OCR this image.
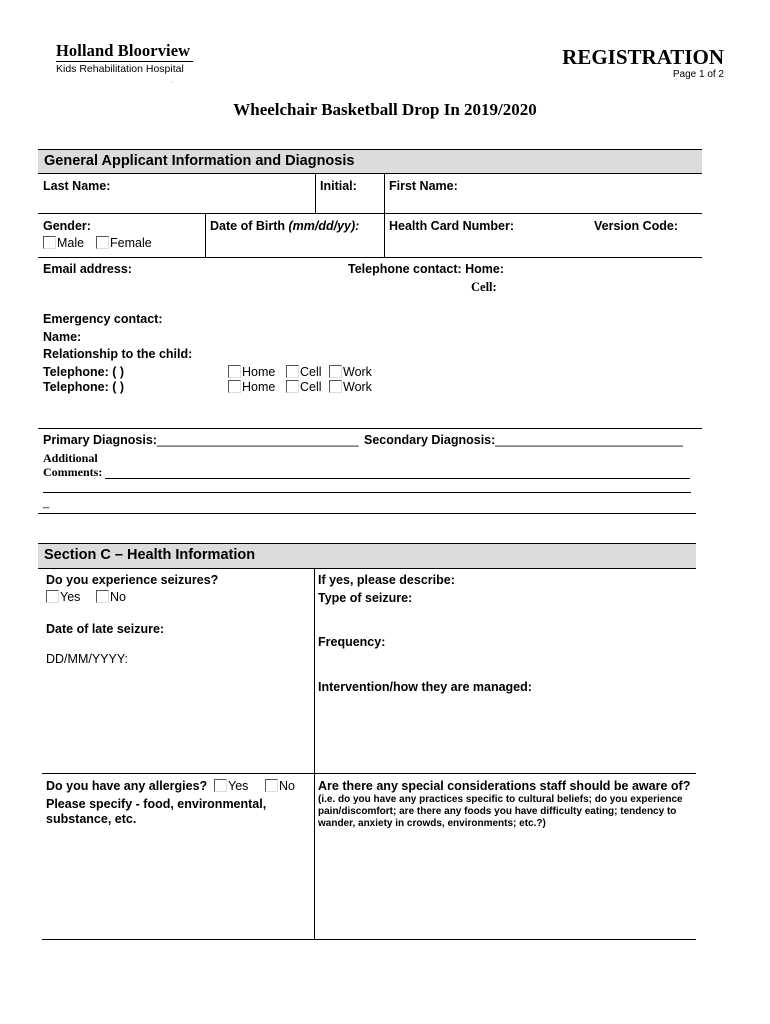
Holland Bloorview
Kids Rehabilitation Hospital
·
REGISTRATION
Page 1 of 2
Wheelchair Basketball Drop In 2019/2020
General Applicant Information and Diagnosis
Last Name:	Initial:	First Name:
Gender:
Male	Female
Date of Birth (mm/dd/yy): Health Card Number:	Version Code:
Email address:	Telephone contact: Home:
Cell:
Emergency contact:
Name:
Relationship to the child:
Telephone: ( )	Home	Cell	Work
Telephone: ( )	Home	Cell	Work
Primary Diagnosis:_____________________________ Secondary Diagnosis:___________________________
Additional
Comments:
_
Section C – Health Information
Do you experience seizures?
Yes	No
Date of late seizure:
DD/MM/YYYY:
If yes, please describe:
Type of seizure:
Frequency:
Intervention/how they are managed:
Do you have any allergies?	Yes	No
Please specify - food, environmental, substance, etc.
Are there any special considerations staff should be aware of?
(i.e. do you have any practices specific to cultural beliefs; do you experience pain/discomfort; are there any foods you have difficulty eating; tendency to wander, anxiety in crowds, environments; etc.?)
